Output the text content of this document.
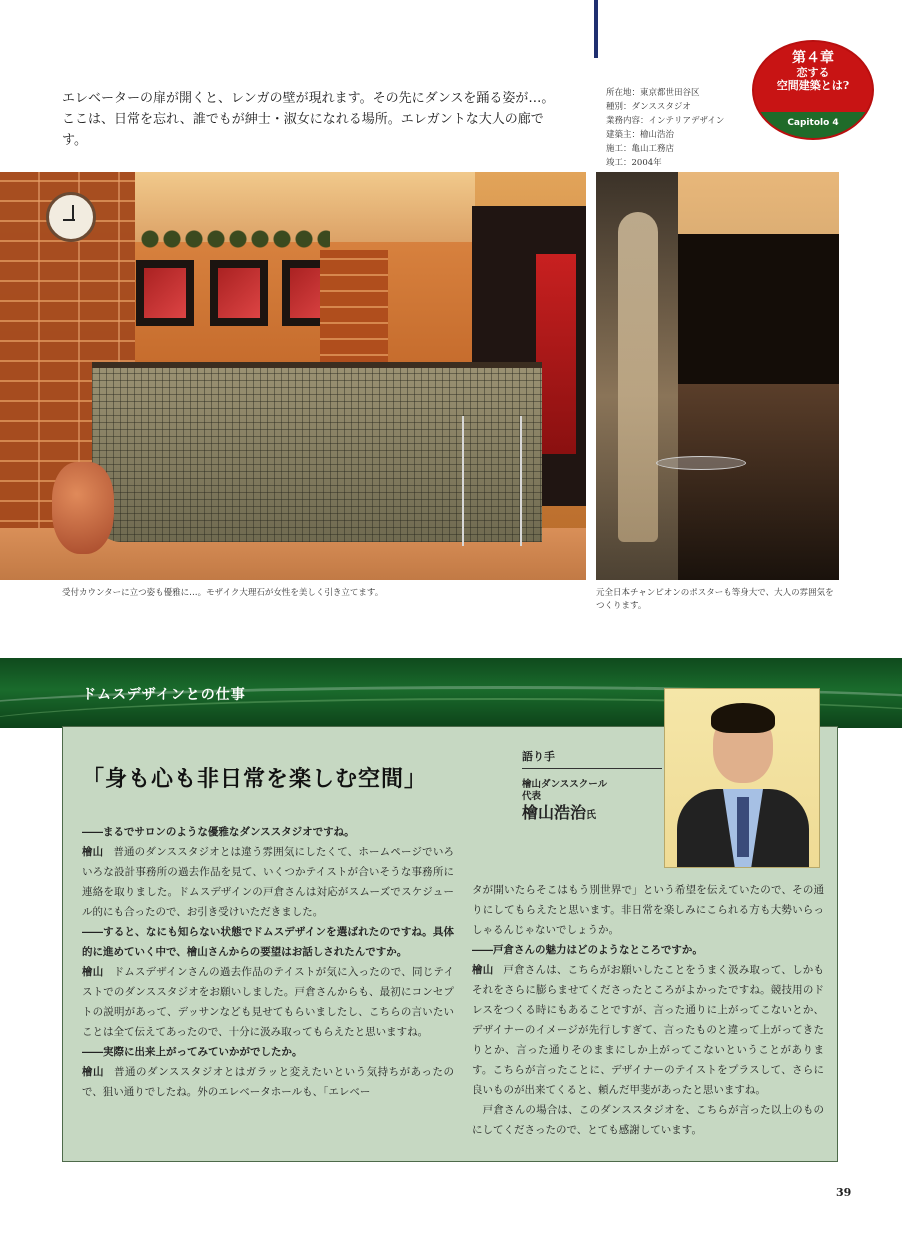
エレベーターの扉が開くと、レンガの壁が現れます。その先にダンスを踊る姿が…。
ここは、日常を忘れ、誰でもが紳士・淑女になれる場所。エレガントな大人の廊です。
所在地：東京都世田谷区
種別：ダンススタジオ
業務内容：インテリアデザイン
建築主：檜山浩治
施工：亀山工務店
竣工：2004年
第４章
恋する
空間建築とは?
Capitolo 4
受付カウンターに立つ姿も優雅に…。モザイク大理石が女性を美しく引き立てます。	元全日本チャンピオンのポスターも等身大で、大人の雰囲気をつくります。
ドムスデザインとの仕事
「身も心も非日常を楽しむ空間」
語り手
檜山ダンススクール
代表
檜山浩治氏

――まるでサロンのような優雅なダンススタジオですね。

檜山 普通のダンススタジオとは違う雰囲気にしたくて、ホームページでいろいろな設計事務所の過去作品を見て、いくつかテイストが合いそうな事務所に連絡を取りました。ドムスデザインの戸倉さんは対応がスムーズでスケジュール的にも合ったので、お引き受けいただきました。

――すると、なにも知らない状態でドムスデザインを選ばれたのですね。具体的に進めていく中で、檜山さんからの要望はお話しされたんですか。

檜山 ドムスデザインさんの過去作品のテイストが気に入ったので、同じテイストでのダンススタジオをお願いしました。戸倉さんからも、最初にコンセプトの説明があって、デッサンなども見せてもらいましたし、こちらの言いたいことは全て伝えてあったので、十分に汲み取ってもらえたと思いますね。

――実際に出来上がってみていかがでしたか。

檜山 普通のダンススタジオとはガラッと変えたいという気持ちがあったので、狙い通りでしたね。外のエレベータホールも、「エレベー

タが開いたらそこはもう別世界で」という希望を伝えていたので、その通りにしてもらえたと思います。非日常を楽しみにこられる方も大勢いらっしゃるんじゃないでしょうか。

――戸倉さんの魅力はどのようなところですか。

檜山 戸倉さんは、こちらがお願いしたことをうまく汲み取って、しかもそれをさらに膨らませてくださったところがよかったですね。競技用のドレスをつくる時にもあることですが、言った通りに上がってこないとか、デザイナーのイメージが先行しすぎて、言ったものと違って上がってきたりとか、言った通りそのままにしか上がってこないということがあります。こちらが言ったことに、デザイナーのテイストをプラスして、さらに良いものが出来てくると、頼んだ甲斐があったと思いますね。

　戸倉さんの場合は、このダンススタジオを、こちらが言った以上のものにしてくださったので、とても感謝しています。

39
